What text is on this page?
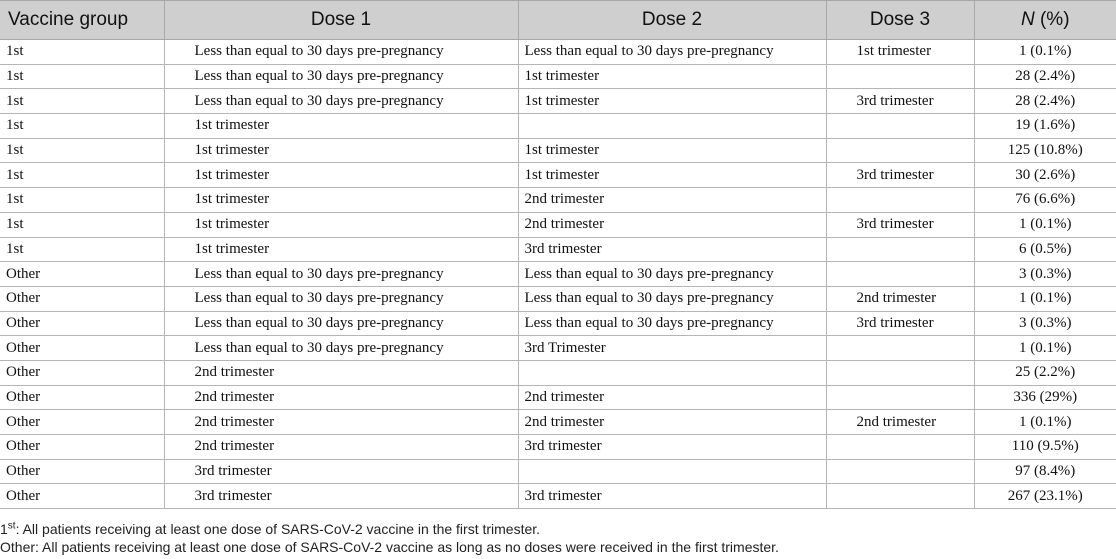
Vaccine group	Dose 1	Dose 2	Dose 3	N (%)
1st	Less than equal to 30 days pre-pregnancy	Less than equal to 30 days pre-pregnancy	1st trimester	1 (0.1%)
1st	Less than equal to 30 days pre-pregnancy	1st trimester		28 (2.4%)
1st	Less than equal to 30 days pre-pregnancy	1st trimester	3rd trimester	28 (2.4%)
1st	1st trimester			19 (1.6%)
1st	1st trimester	1st trimester		125 (10.8%)
1st	1st trimester	1st trimester	3rd trimester	30 (2.6%)
1st	1st trimester	2nd trimester		76 (6.6%)
1st	1st trimester	2nd trimester	3rd trimester	1 (0.1%)
1st	1st trimester	3rd trimester		6 (0.5%)
Other	Less than equal to 30 days pre-pregnancy	Less than equal to 30 days pre-pregnancy		3 (0.3%)
Other	Less than equal to 30 days pre-pregnancy	Less than equal to 30 days pre-pregnancy	2nd trimester	1 (0.1%)
Other	Less than equal to 30 days pre-pregnancy	Less than equal to 30 days pre-pregnancy	3rd trimester	3 (0.3%)
Other	Less than equal to 30 days pre-pregnancy	3rd Trimester		1 (0.1%)
Other	2nd trimester			25 (2.2%)
Other	2nd trimester	2nd trimester		336 (29%)
Other	2nd trimester	2nd trimester	2nd trimester	1 (0.1%)
Other	2nd trimester	3rd trimester		110 (9.5%)
Other	3rd trimester			97 (8.4%)
Other	3rd trimester	3rd trimester		267 (23.1%)
1st: All patients receiving at least one dose of SARS-CoV-2 vaccine in the first trimester.
Other: All patients receiving at least one dose of SARS-CoV-2 vaccine as long as no doses were received in the first trimester.
